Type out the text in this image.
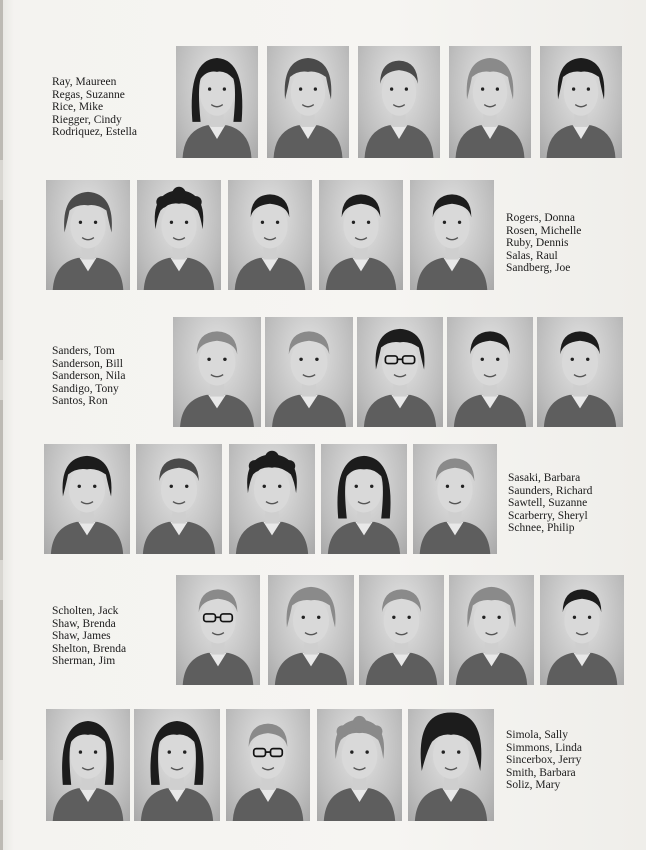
Ray, Maureen
Regas, Suzanne
Rice, Mike
Riegger, Cindy
Rodriquez, Estella
Rogers, Donna
Rosen, Michelle
Ruby, Dennis
Salas, Raul
Sandberg, Joe
Sanders, Tom
Sanderson, Bill
Sanderson, Nila
Sandigo, Tony
Santos, Ron
Sasaki, Barbara
Saunders, Richard
Sawtell, Suzanne
Scarberry, Sheryl
Schnee, Philip
Scholten, Jack
Shaw, Brenda
Shaw, James
Shelton, Brenda
Sherman, Jim
Simola, Sally
Simmons, Linda
Sincerbox, Jerry
Smith, Barbara
Soliz, Mary
